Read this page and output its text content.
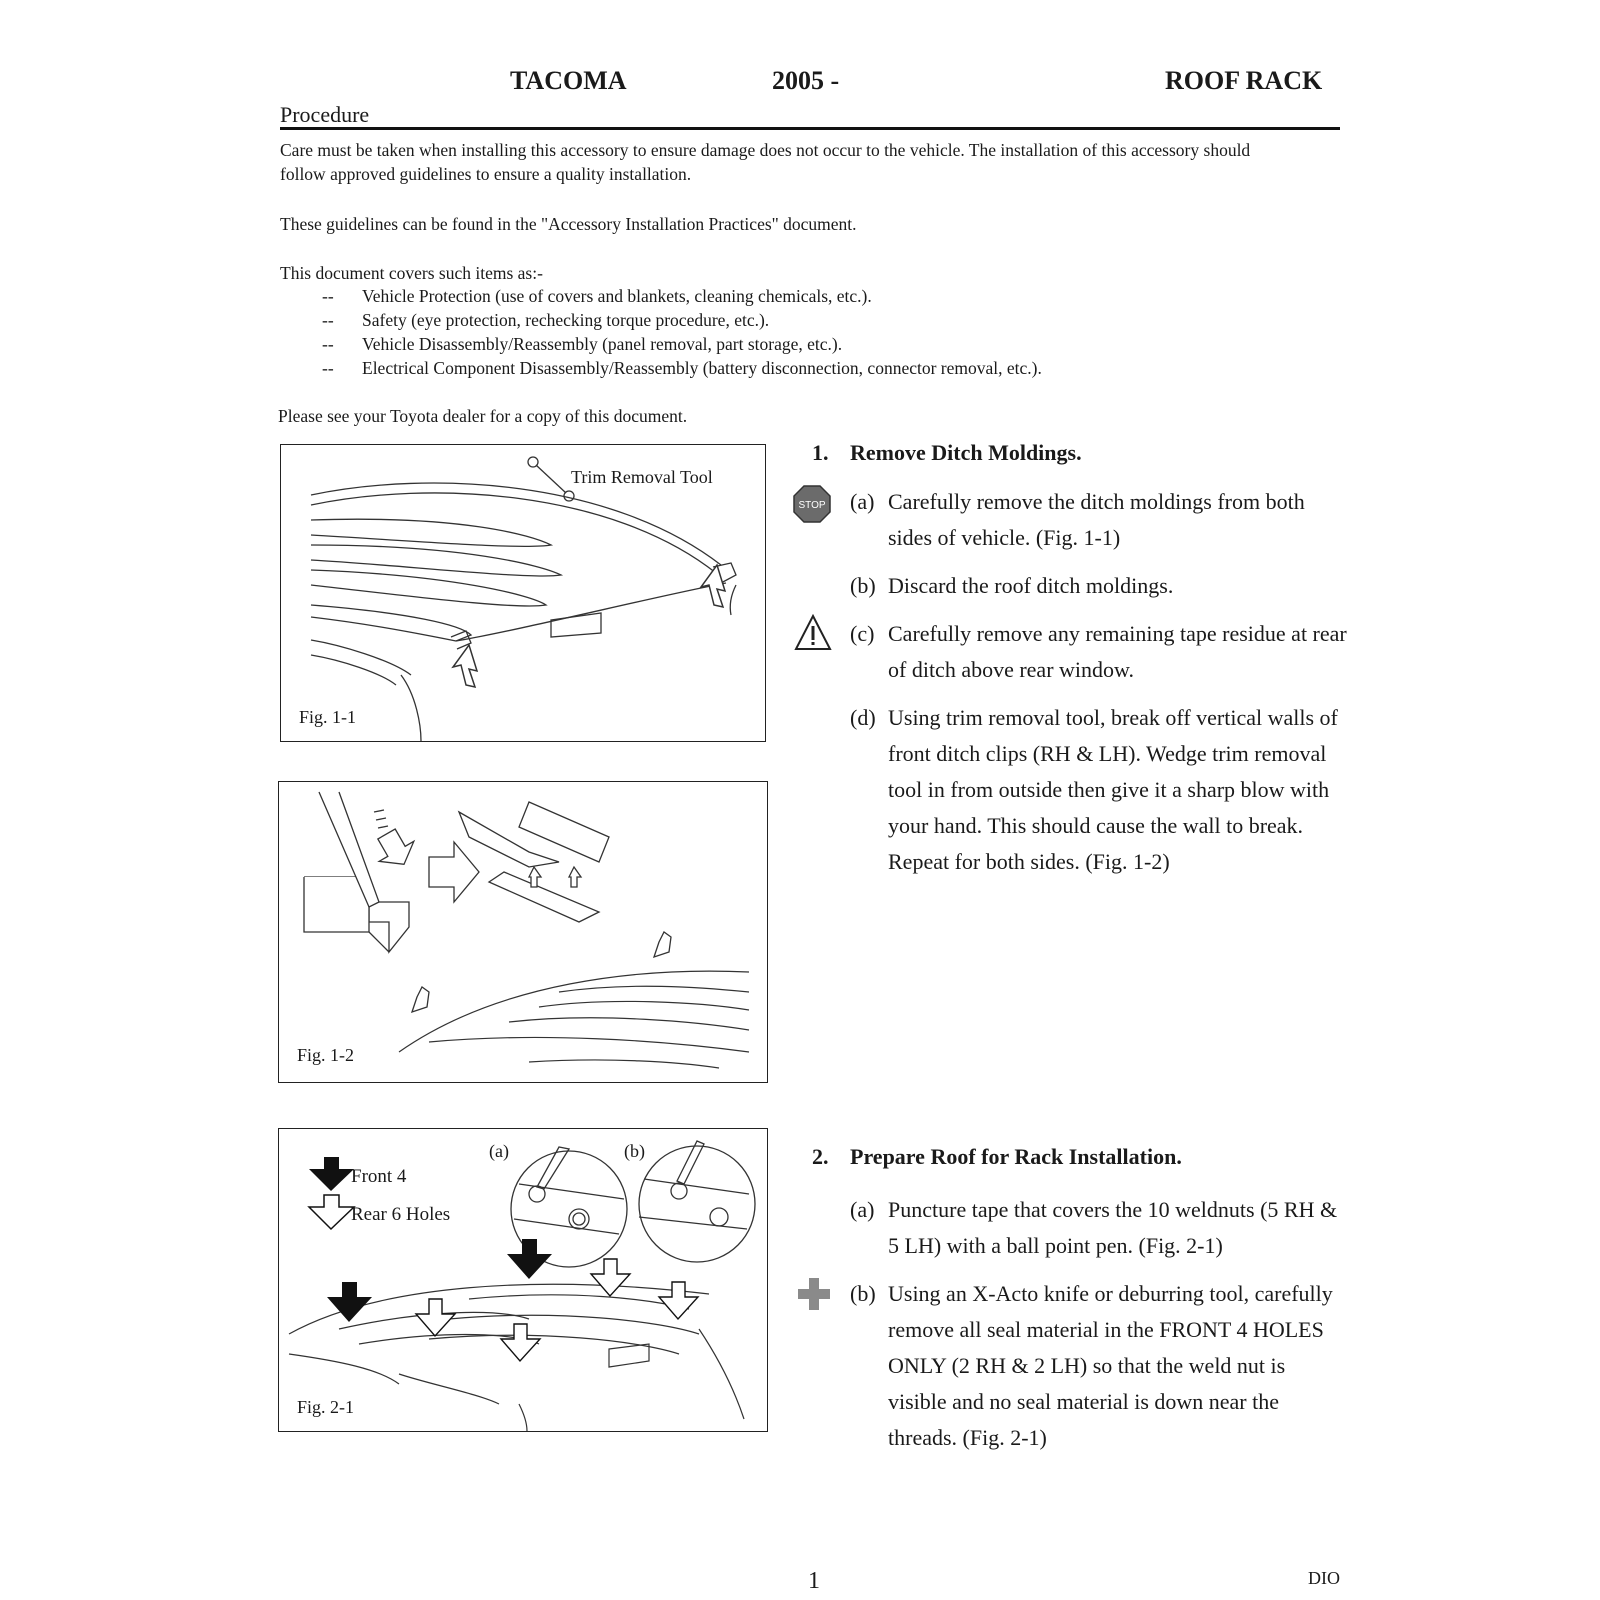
TACOMA	2005 -	ROOF RACK
Procedure
Care must be taken when installing this accessory to ensure damage does not occur to the vehicle. The installation of this accessory should follow approved guidelines to ensure a quality installation.
These guidelines can be found in the "Accessory Installation Practices" document.
This document covers such items as:-
-- Vehicle Protection (use of covers and blankets, cleaning chemicals, etc.).
-- Safety (eye protection, rechecking torque procedure, etc.).
-- Vehicle Disassembly/Reassembly (panel removal, part storage, etc.).
-- Electrical Component Disassembly/Reassembly (battery disconnection, connector removal, etc.).
Please see your Toyota dealer for a copy of this document.
Trim Removal Tool
Fig. 1-1
Fig. 1-2
Front 4
Rear 6 Holes
(a)	(b)
Fig. 2-1
1. Remove Ditch Moldings.
STOP (a) Carefully remove the ditch moldings from both sides of vehicle. (Fig. 1-1)
(b) Discard the roof ditch moldings.
(c) Carefully remove any remaining tape residue at rear of ditch above rear window.
(d) Using trim removal tool, break off vertical walls of front ditch clips (RH & LH). Wedge trim removal tool in from outside then give it a sharp blow with your hand. This should cause the wall to break. Repeat for both sides. (Fig. 1-2)
2. Prepare Roof for Rack Installation.
(a) Puncture tape that covers the 10 weldnuts (5 RH & 5 LH) with a ball point pen. (Fig. 2-1)
(b) Using an X-Acto knife or deburring tool, carefully remove all seal material in the FRONT 4 HOLES ONLY (2 RH & 2 LH) so that the weld nut is visible and no seal material is down near the threads. (Fig. 2-1)
1	DIO
